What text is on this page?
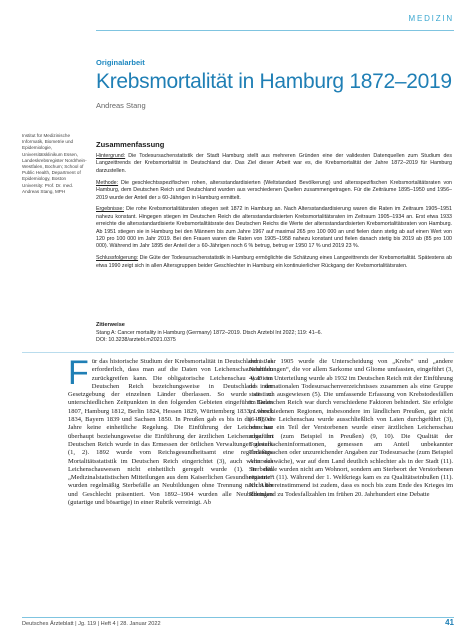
MEDIZIN
Originalarbeit
Krebsmortalität in Hamburg 1872–2019
Andreas Stang
Institut für Medizinische Informatik, Biometrie und Epidemiologie, Universitätsklinikum Essen, Landeskrebsregister Nordrhein-Westfalen, Bochum; School of Public Health, Department of Epidemiology, Boston University: Prof. Dr. med. Andreas Stang, MPH
Zusammenfassung

Hintergrund: Die Todesursachenstatistik der Stadt Hamburg stellt aus mehreren Gründen eine der validesten Datenquellen zum Studium des Langzeittrends der Krebsmortalität in Deutschland dar. Das Ziel dieser Arbeit war es, die Krebsmortalität der Jahre 1872–2019 für Hamburg darzustellen.

Methode: Die geschlechtsspezifischen rohen, altersstandardisierten (Weltstandard Bevölkerung) und altersspezifischen Krebsmortalitätsraten von Hamburg, dem Deutschen Reich und Deutschland wurden aus verschiedenen Quellen zusammengetragen. Für die Zeiträume 1895–1950 und 1956–2019 wurde der Anteil der ≥ 60-Jährigen in Hamburg ermittelt.

Ergebnisse: Die rohe Krebsmortalitätsraten stiegen seit 1872 in Hamburg an. Nach Altersstandardisierung waren die Raten im Zeitraum 1905–1951 nahezu konstant. Hingegen stiegen im Deutschen Reich die altersstandardisierten Krebsmortalitätsraten im Zeitraum 1905–1934 an. Erst etwa 1933 erreichte die altersstandardisierte Krebsmortalitätsrate des Deutschen Reichs die Werte der altersstandardisierten Krebsmortalitätsraten von Hamburg. Ab 1951 stiegen sie in Hamburg bei den Männern bis zum Jahre 1967 auf maximal 265 pro 100 000 an und fielen dann stetig ab auf einen Wert von 120 pro 100 000 im Jahr 2019. Bei den Frauen waren die Raten von 1905–1958 nahezu konstant und fielen danach stetig bis 2019 ab (85 pro 100 000). Während im Jahr 1895 der Anteil der ≥ 60-Jährigen noch 6 % betrug, betrug er 1950 17 % und 2019 23 %.

Schlussfolgerung: Die Güte der Todesursachenstatistik in Hamburg ermöglichte die Schätzung eines Langzeittrends der Krebsmortalität. Spätestens ab etwa 1990 zeigt sich in allen Altersgruppen beider Geschlechter in Hamburg ein kontinuierlicher Rückgang der Krebsmortalitätsraten.

Zitierweise
Stang A: Cancer mortality in Hamburg (Germany) 1872–2019. Dtsch Arztebl Int 2022; 119: 41–6.
DOI: 10.3238/arztebl.m2021.0375
Für das historische Studium der Krebsmortalität in Deutschland ist es erforderlich, dass man auf die Daten von Leichenschauscheinen zurückgreifen kann. Die obligatorische Leichenschau war im Deutschen Reich bezeichungsweise in Deutschland der Gesetzgebung der einzelnen Länder überlassen. So wurde sie zu unterschiedlichen Zeitpunkten in den folgenden Gebieten eingeführt: Baden 1807, Hamburg 1812, Berlin 1824, Hessen 1829, Württemberg 1833, Lübeck 1834, Bayern 1839 und Sachsen 1850. In Preußen gab es bis in die 1930er Jahre keine einheitliche Regelung. Die Einführung der Leichenschau überhaupt beziehungsweise die Einführung der ärztlichen Leichenschau im Deutschen Reich wurde in das Ermessen der örtlichen Verwaltungen gestellt (1, 2). 1892 wurde vom Reichsgesundheitsamt eine regelmäßige Mortalitätsstatistik im Deutschen Reich eingerichtet (3), auch wenn das Leichenschauwesen nicht einheitlich geregelt wurde (1). In den „Medizinalstatistischen Mitteilungen aus dem Kaiserlichen Gesundheitsamte“ wurden regelmäßig Sterbefälle an Neubildungen ohne Trennung nach Alter und Geschlecht präsentiert. Von 1892–1904 wurden alle Neubildungen (gutartige und bösartige) in einer Rubrik verreinigt. Ab
dem Jahr 1905 wurde die Unterscheidung von „Krebs“ und „andere Neubildungen“, die vor allem Sarkome und Gliome umfassten, eingeführt (3, 4). Diese Unterteilung wurde ab 1932 im Deutschen Reich mit der Einführung des internationalen Todesursachenverzeichnisses zusammen als eine Gruppe statistisch ausgewiesen (5). Die umfassende Erfassung von Krebstodesfällen im Deutschen Reich war durch verschiedene Faktoren behindert. Sie erfolgte in verschiedenen Regionen, insbesondere im ländlichen Preußen, gar nicht (6–8), die Leichenschau wurde ausschließlich von Laien durchgeführt (3), oder nur ein Teil der Verstorbenen wurde einer ärztlichen Leichenschau zugeführt (zum Beispiel in Preußen) (9, 10). Die Qualität der Todesursacheninformationen, gemessen am Anteil unbekannter Todesursachen oder unzureichender Angaben zur Todesursache (zum Beispiel Altersschwäche), war auf dem Land deutlich schlechter als in der Stadt (11). Sterbefälle wurden nicht am Wohnort, sondern am Sterbeort der Verstorbenen registriert (11). Während der 1. Weltkriegs kam es zu Qualitätseinbußen (11). Nicht übereinstimmend ist zudem, dass es noch bis zum Ende des Krieges im Rheinland zu Todesfallzahlen im frühen 20. Jahrhundert eine Debatte
Deutsches Ärzteblatt | Jg. 119 | Heft 4 | 28. Januar 2022	41
